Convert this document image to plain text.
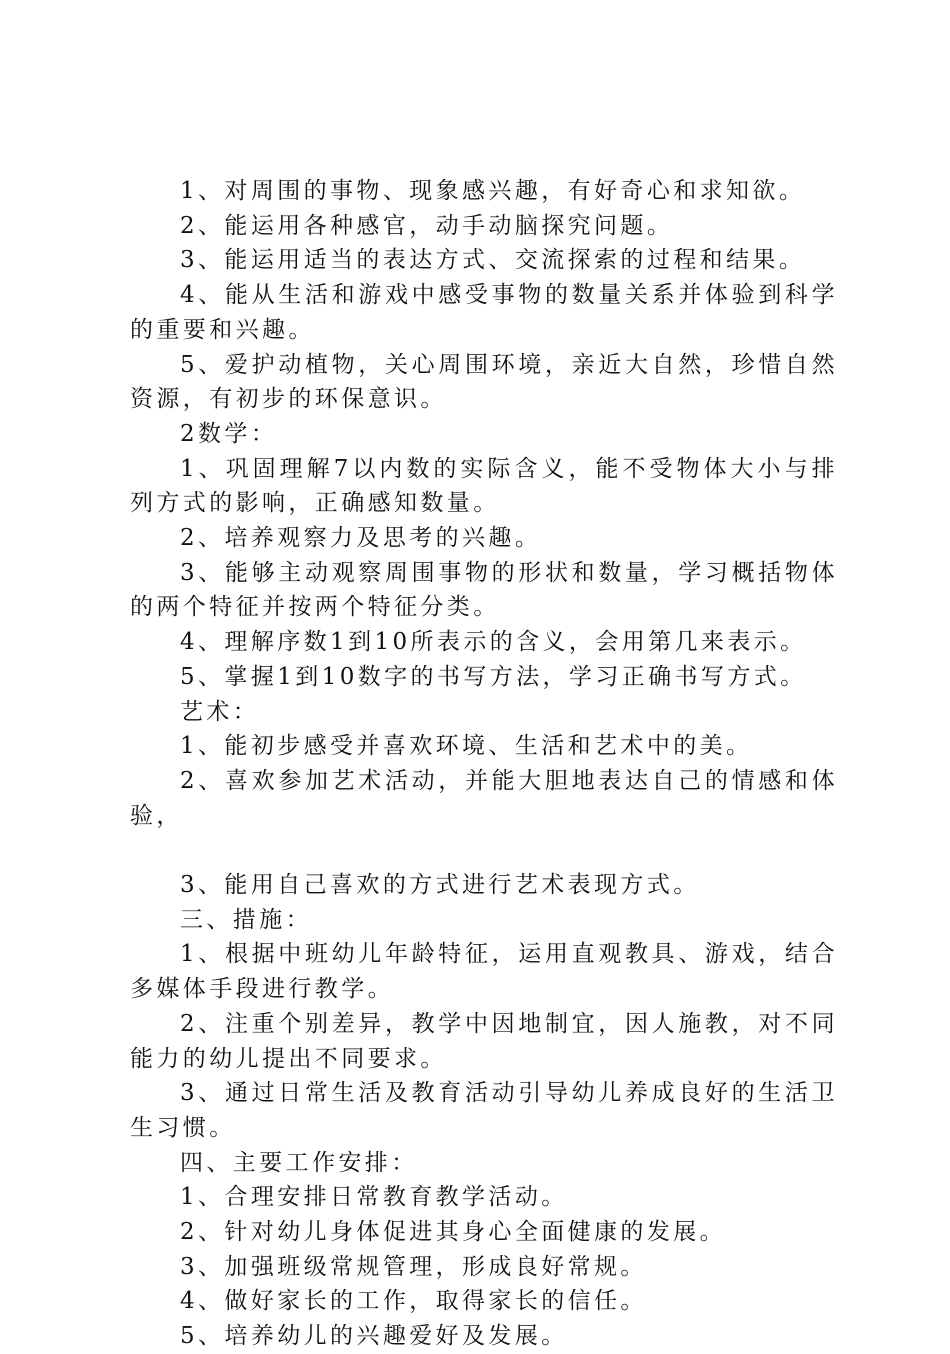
1、对周围的事物、现象感兴趣，有好奇心和求知欲。

2、能运用各种感官，动手动脑探究问题。

3、能运用适当的表达方式、交流探索的过程和结果。

4、能从生活和游戏中感受事物的数量关系并体验到科学的重要和兴趣。

5、爱护动植物，关心周围环境，亲近大自然，珍惜自然资源，有初步的环保意识。

2数学：

1、巩固理解7以内数的实际含义，能不受物体大小与排列方式的影响，正确感知数量。

2、培养观察力及思考的兴趣。

3、能够主动观察周围事物的形状和数量，学习概括物体的两个特征并按两个特征分类。

4、理解序数1到10所表示的含义，会用第几来表示。

5、掌握1到10数字的书写方法，学习正确书写方式。

艺术：

1、能初步感受并喜欢环境、生活和艺术中的美。

2、喜欢参加艺术活动，并能大胆地表达自己的情感和体验，

3、能用自己喜欢的方式进行艺术表现方式。

三、措施：

1、根据中班幼儿年龄特征，运用直观教具、游戏，结合多媒体手段进行教学。

2、注重个别差异，教学中因地制宜，因人施教，对不同能力的幼儿提出不同要求。

3、通过日常生活及教育活动引导幼儿养成良好的生活卫生习惯。

四、主要工作安排：

1、合理安排日常教育教学活动。

2、针对幼儿身体促进其身心全面健康的发展。

3、加强班级常规管理，形成良好常规。

4、做好家长的工作，取得家长的信任。

5、培养幼儿的兴趣爱好及发展。
